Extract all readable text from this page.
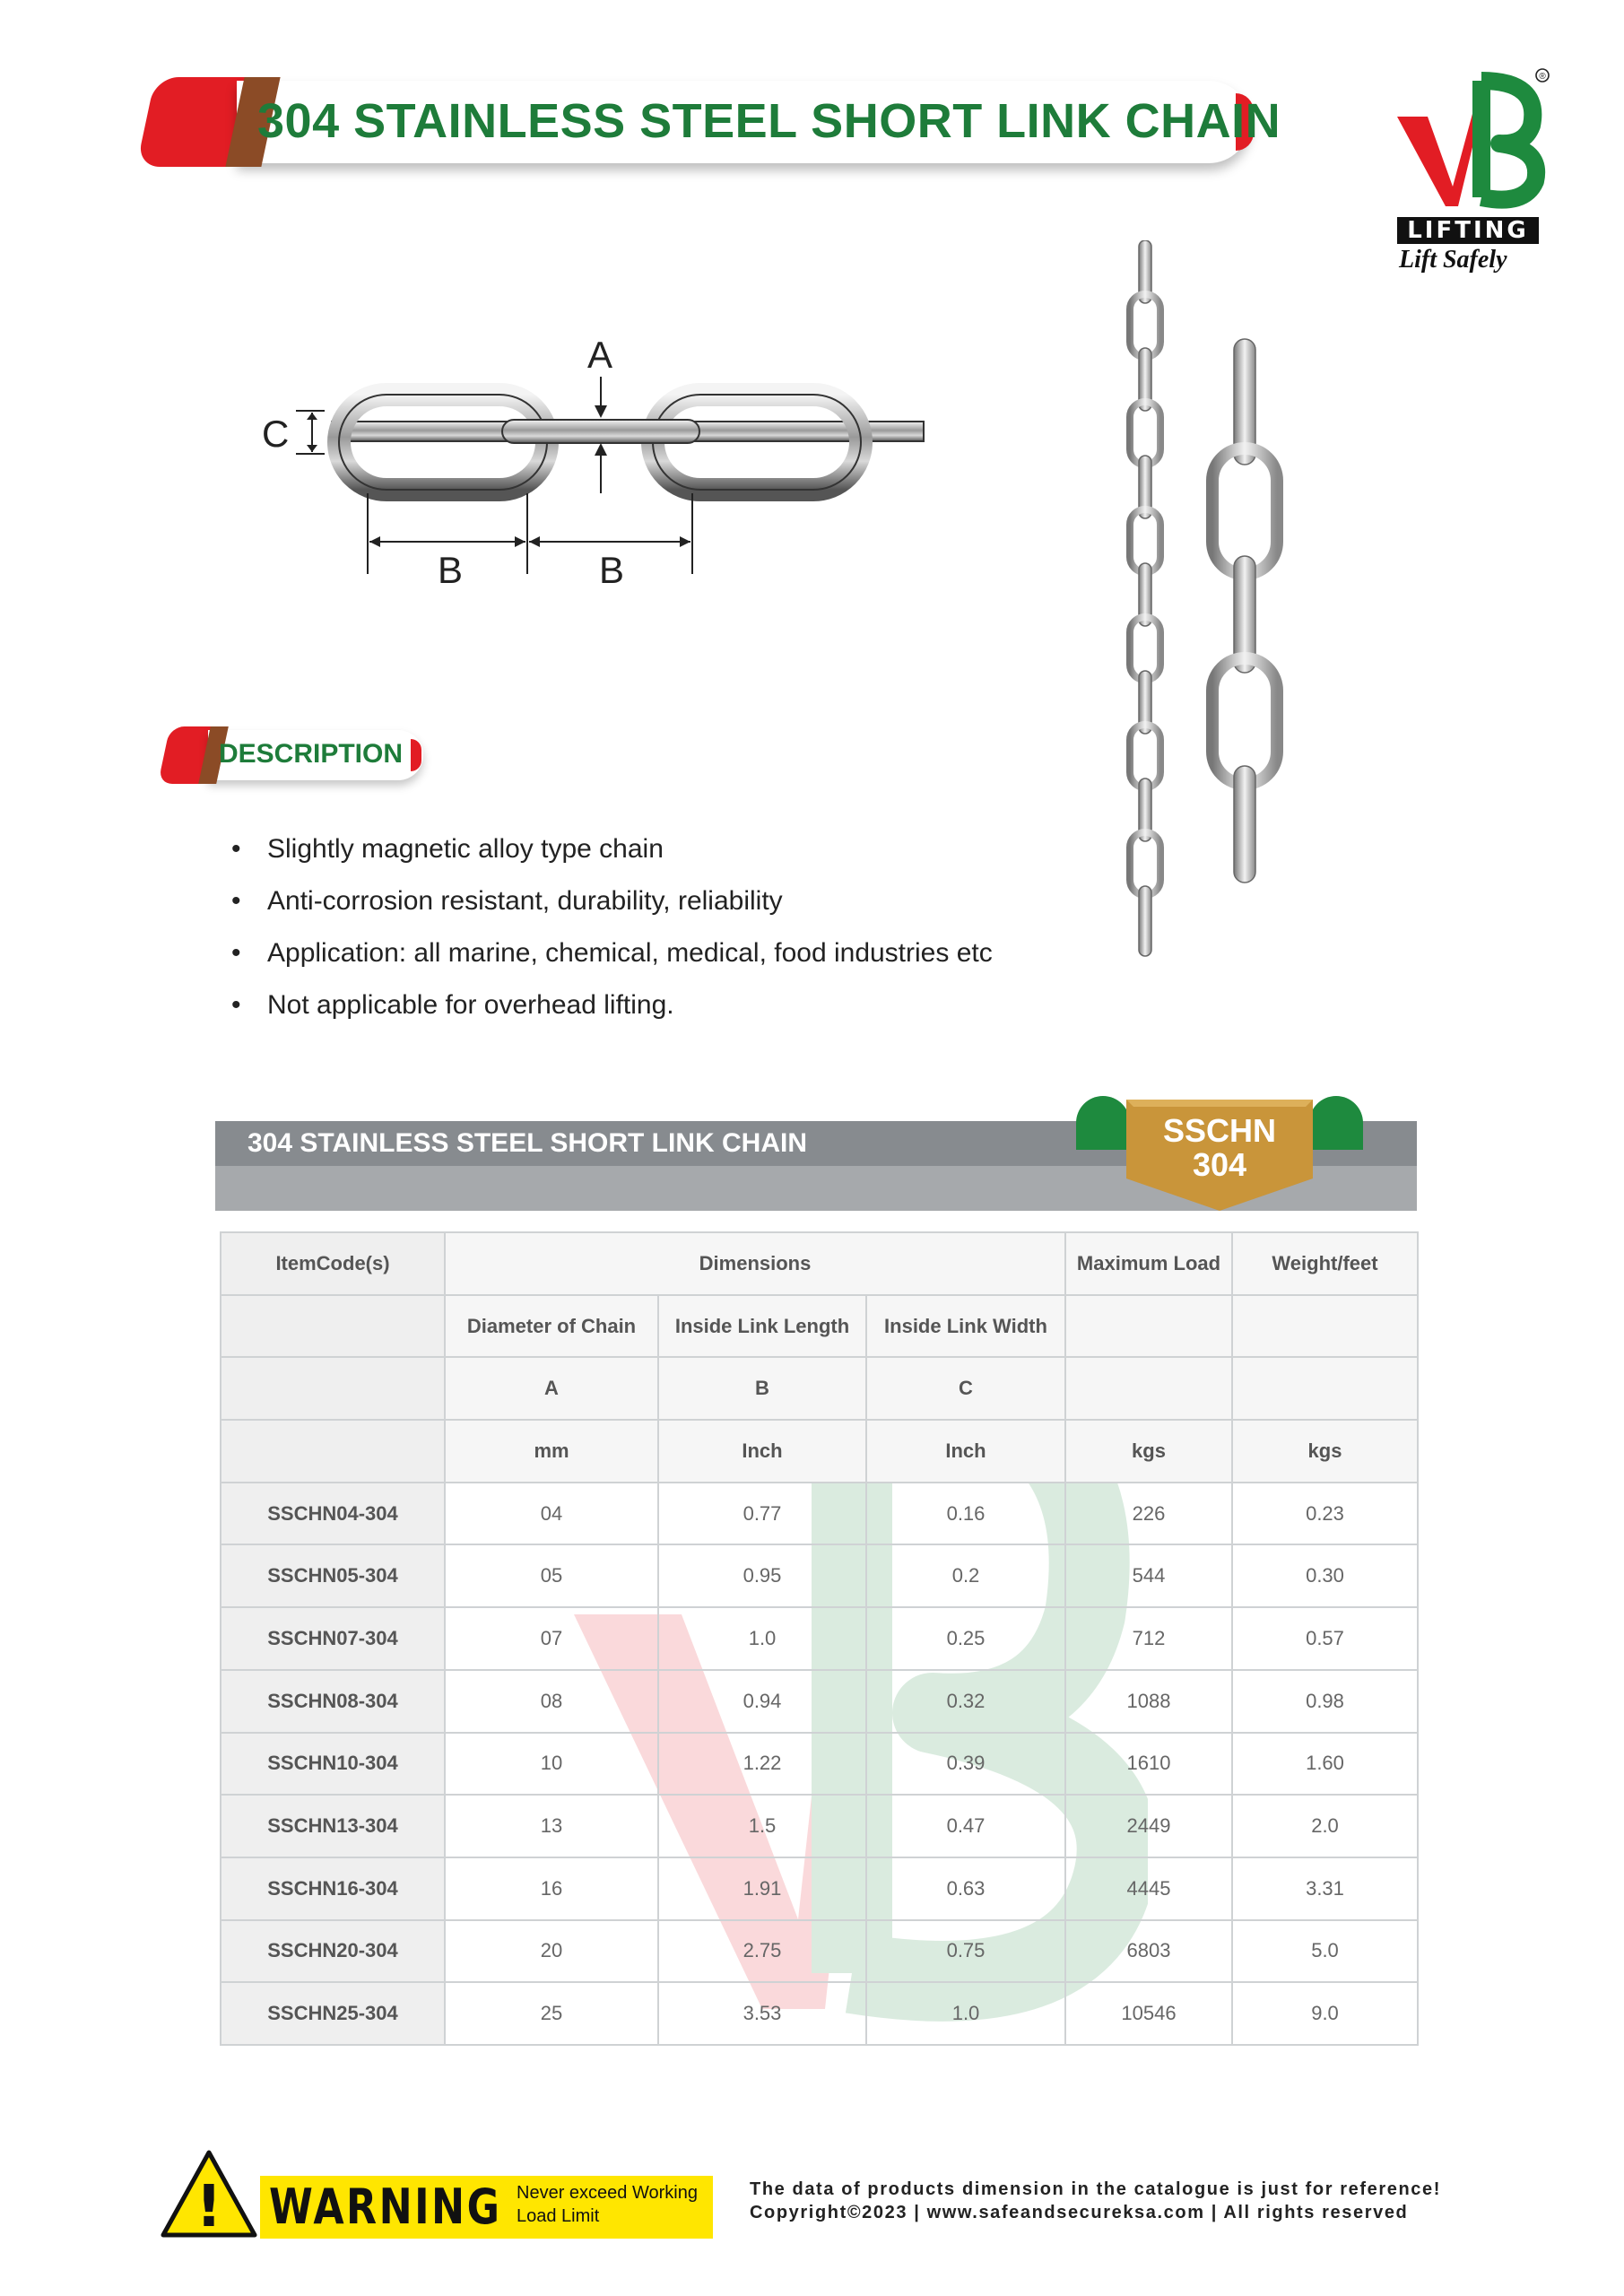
304 STAINLESS STEEL SHORT LINK CHAIN
®
LIFTING
Lift Safely
A
C
B	B
DESCRIPTION
• Slightly magnetic alloy type chain
• Anti-corrosion resistant, durability, reliability
• Application: all marine, chemical, medical, food industries etc
• Not applicable for overhead lifting.
304 STAINLESS STEEL SHORT LINK CHAIN	SSCHN
304
ItemCode(s)	Dimensions			Maximum Load	Weight/feet
	Diameter of Chain	Inside Link Length	Inside Link Width		
	A	B	C		
	mm	Inch	Inch	kgs	kgs
SSCHN04-304	04	0.77	0.16	226	0.23
SSCHN05-304	05	0.95	0.2	544	0.30
SSCHN07-304	07	1.0	0.25	712	0.57
SSCHN08-304	08	0.94	0.32	1088	0.98
SSCHN10-304	10	1.22	0.39	1610	1.60
SSCHN13-304	13	1.5	0.47	2449	2.0
SSCHN16-304	16	1.91	0.63	4445	3.31
SSCHN20-304	20	2.75	0.75	6803	5.0
SSCHN25-304	25	3.53	1.0	10546	9.0
! WARNING Never exceed Working
Load Limit
The data of products dimension in the catalogue is just for reference!
Copyright©2023 | www.safeandsecureksa.com | All rights reserved
